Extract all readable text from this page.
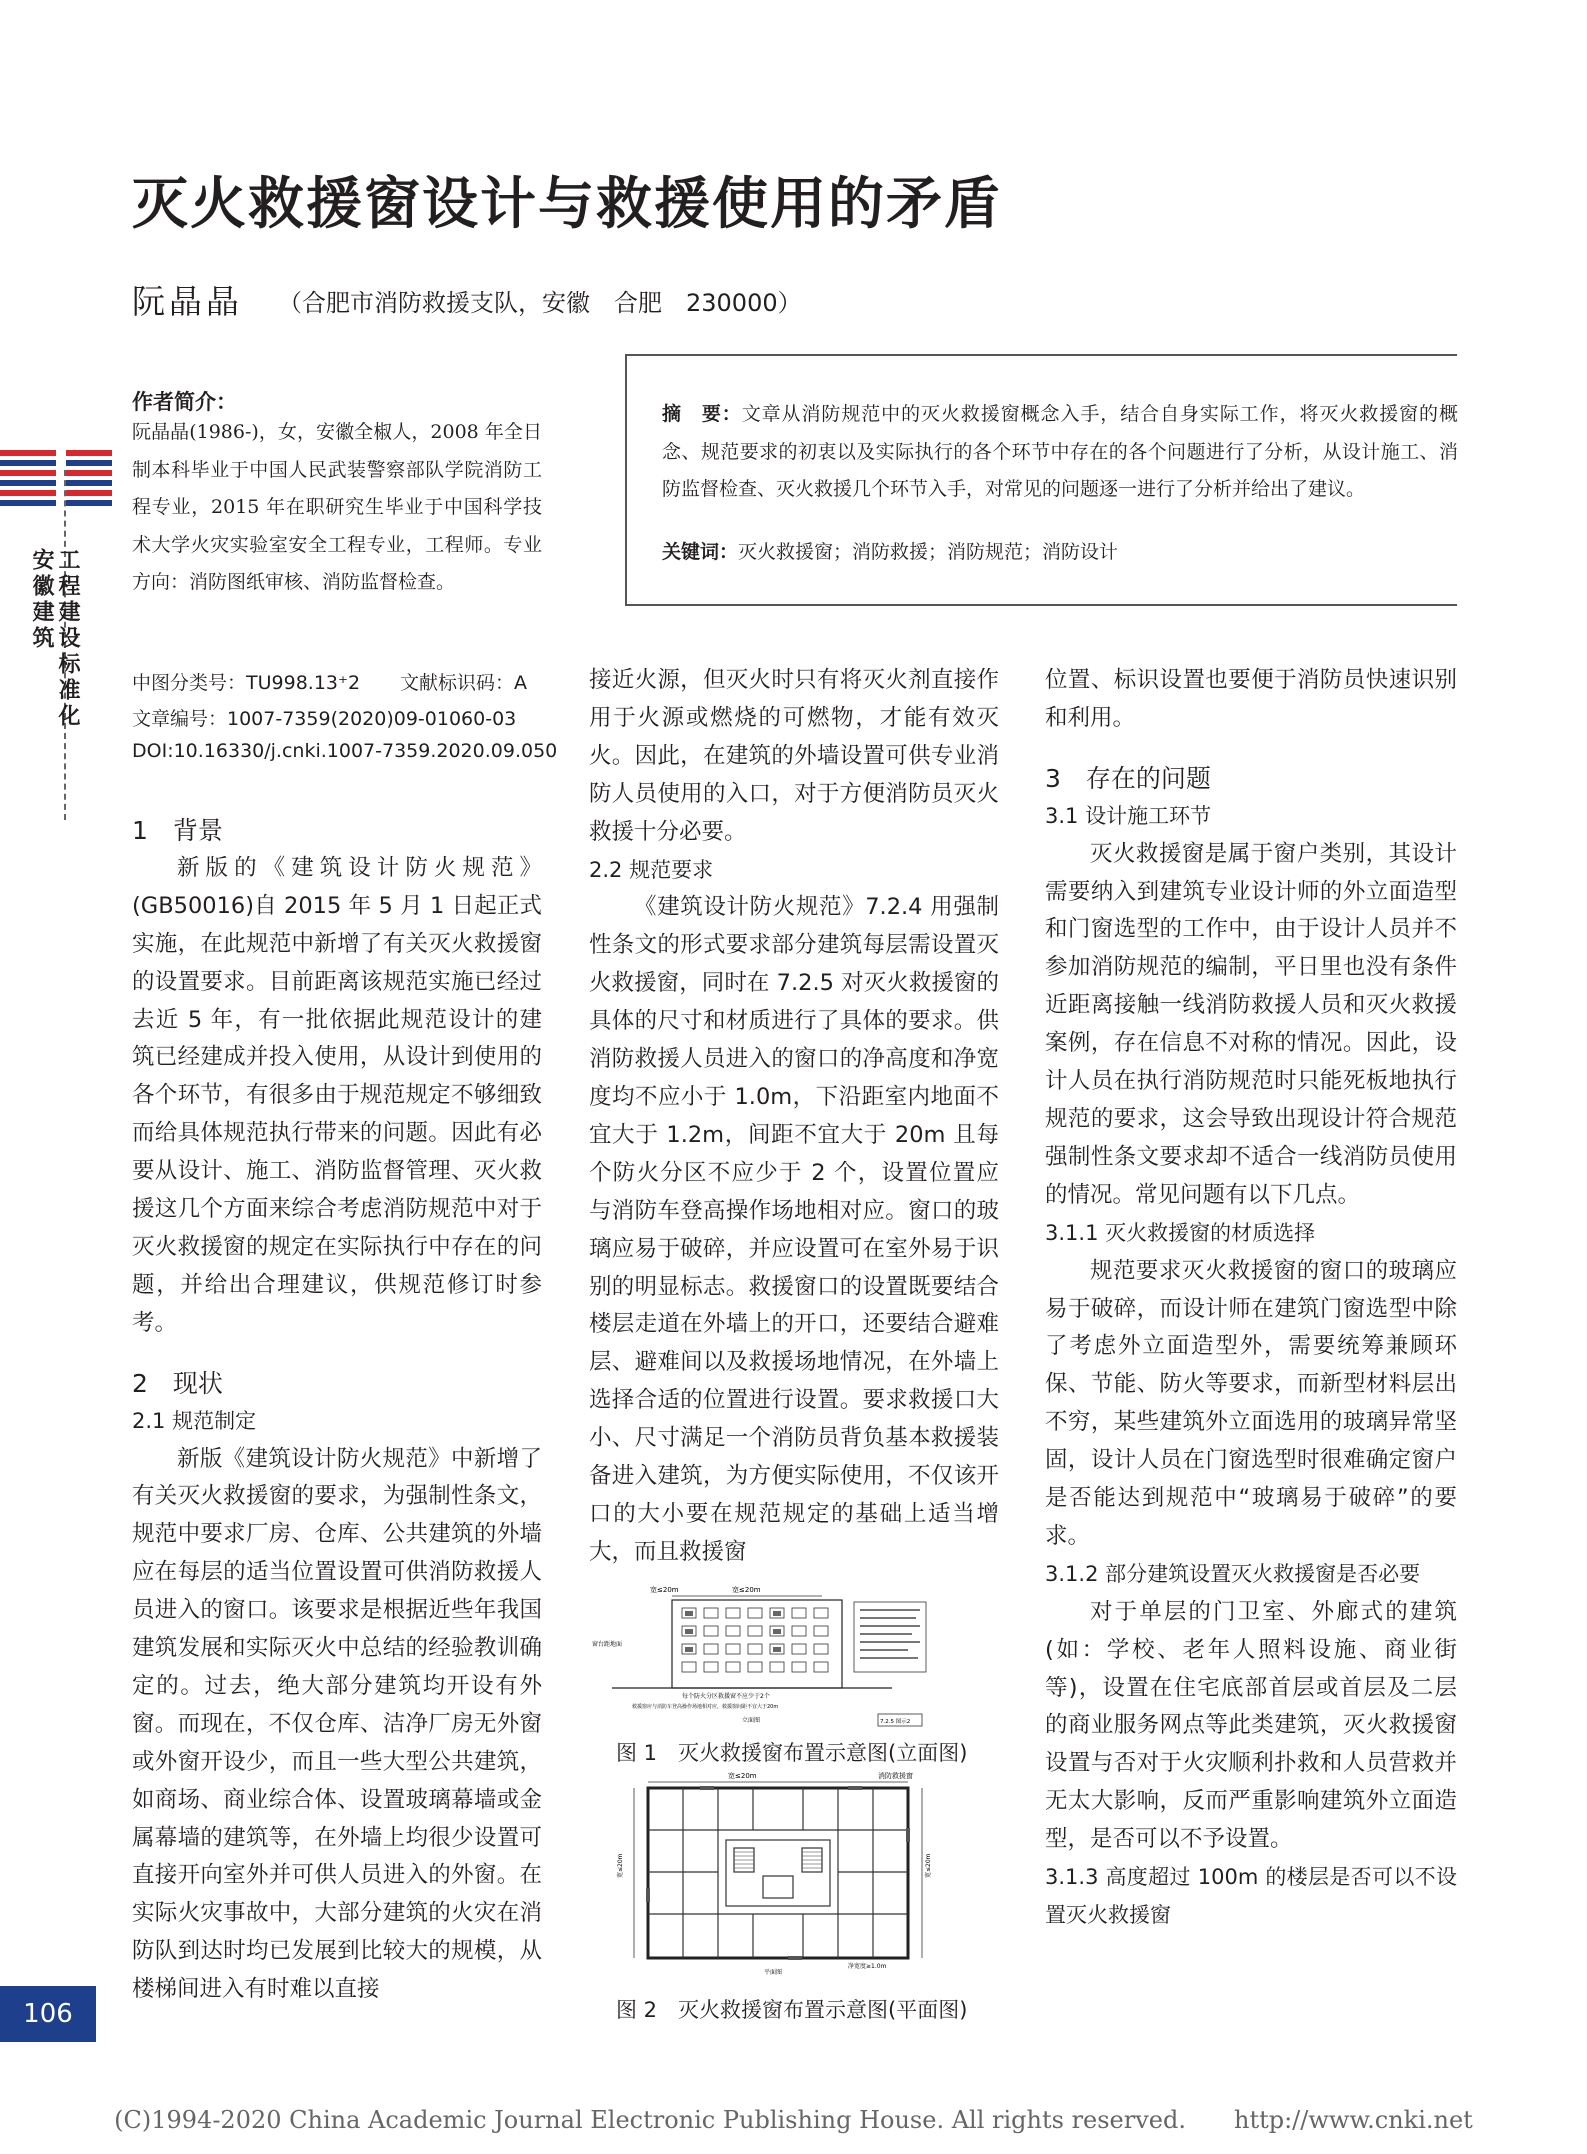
工程建设标准化
安徽建筑
灭火救援窗设计与救援使用的矛盾
阮晶晶 （合肥市消防救援支队，安徽　合肥　230000）
作者简介：
阮晶晶(1986-)，女，安徽全椒人，2008 年全日制本科毕业于中国人民武装警察部队学院消防工程专业，2015 年在职研究生毕业于中国科学技术大学火灾实验室安全工程专业，工程师。专业方向：消防图纸审核、消防监督检查。
摘　要：文章从消防规范中的灭火救援窗概念入手，结合自身实际工作，将灭火救援窗的概念、规范要求的初衷以及实际执行的各个环节中存在的各个问题进行了分析，从设计施工、消防监督检查、灭火救援几个环节入手，对常见的问题逐一进行了分析并给出了建议。
关键词：灭火救援窗；消防救援；消防规范；消防设计
中图分类号：TU998.13⁺2 文献标识码：A
文章编号：1007-7359(2020)09-01060-03
DOI:10.16330/j.cnki.1007-7359.2020.09.050

1　背景

新版的《建筑设计防火规范》(GB50016)自 2015 年 5 月 1 日起正式实施，在此规范中新增了有关灭火救援窗的设置要求。目前距离该规范实施已经过去近 5 年，有一批依据此规范设计的建筑已经建成并投入使用，从设计到使用的各个环节，有很多由于规范规定不够细致而给具体规范执行带来的问题。因此有必要从设计、施工、消防监督管理、灭火救援这几个方面来综合考虑消防规范中对于灭火救援窗的规定在实际执行中存在的问题，并给出合理建议，供规范修订时参考。

2　现状

2.1 规范制定

新版《建筑设计防火规范》中新增了有关灭火救援窗的要求，为强制性条文，规范中要求厂房、仓库、公共建筑的外墙应在每层的适当位置设置可供消防救援人员进入的窗口。该要求是根据近些年我国建筑发展和实际灭火中总结的经验教训确定的。过去，绝大部分建筑均开设有外窗。而现在，不仅仓库、洁净厂房无外窗或外窗开设少，而且一些大型公共建筑，如商场、商业综合体、设置玻璃幕墙或金属幕墙的建筑等，在外墙上均很少设置可直接开向室外并可供人员进入的外窗。在实际火灾事故中，大部分建筑的火灾在消防队到达时均已发展到比较大的规模，从楼梯间进入有时难以直接

接近火源，但灭火时只有将灭火剂直接作用于火源或燃烧的可燃物，才能有效灭火。因此，在建筑的外墙设置可供专业消防人员使用的入口，对于方便消防员灭火救援十分必要。

2.2 规范要求

《建筑设计防火规范》7.2.4 用强制性条文的形式要求部分建筑每层需设置灭火救援窗，同时在 7.2.5 对灭火救援窗的具体的尺寸和材质进行了具体的要求。供消防救援人员进入的窗口的净高度和净宽度均不应小于 1.0m，下沿距室内地面不宜大于 1.2m，间距不宜大于 20m 且每个防火分区不应少于 2 个，设置位置应与消防车登高操作场地相对应。窗口的玻璃应易于破碎，并应设置可在室外易于识别的明显标志。救援窗口的设置既要结合楼层走道在外墙上的开口，还要结合避难层、避难间以及救援场地情况，在外墙上选择合适的位置进行设置。要求救援口大小、尺寸满足一个消防员背负基本救援装备进入建筑，为方便实际使用，不仅该开口的大小要在规范规定的基础上适当增大，而且救援窗

宽≤20m	宽≤20m
窗台距地面
每个防火分区救援窗不应少于2个
救援窗应与消防车登高操作场地相对应，救援窗间距不宜大于20m
立面图	7.2.5 图示2
图 1　灭火救援窗布置示意图(立面图)
宽≤20m	消防救援窗
宽≤20m	宽≤20m
平面图
净宽度≥1.0m
图 2　灭火救援窗布置示意图(平面图)

位置、标识设置也要便于消防员快速识别和利用。

3　存在的问题

3.1 设计施工环节

灭火救援窗是属于窗户类别，其设计需要纳入到建筑专业设计师的外立面造型和门窗选型的工作中，由于设计人员并不参加消防规范的编制，平日里也没有条件近距离接触一线消防救援人员和灭火救援案例，存在信息不对称的情况。因此，设计人员在执行消防规范时只能死板地执行规范的要求，这会导致出现设计符合规范强制性条文要求却不适合一线消防员使用的情况。常见问题有以下几点。

3.1.1 灭火救援窗的材质选择

规范要求灭火救援窗的窗口的玻璃应易于破碎，而设计师在建筑门窗选型中除了考虑外立面造型外，需要统筹兼顾环保、节能、防火等要求，而新型材料层出不穷，某些建筑外立面选用的玻璃异常坚固，设计人员在门窗选型时很难确定窗户是否能达到规范中“玻璃易于破碎”的要求。

3.1.2 部分建筑设置灭火救援窗是否必要

对于单层的门卫室、外廊式的建筑(如：学校、老年人照料设施、商业街等)，设置在住宅底部首层或首层及二层的商业服务网点等此类建筑，灭火救援窗设置与否对于火灾顺利扑救和人员营救并无太大影响，反而严重影响建筑外立面造型，是否可以不予设置。

3.1.3 高度超过 100m 的楼层是否可以不设置灭火救援窗

106
(C)1994-2020 China Academic Journal Electronic Publishing House. All rights reserved.　　http://www.cnki.net
